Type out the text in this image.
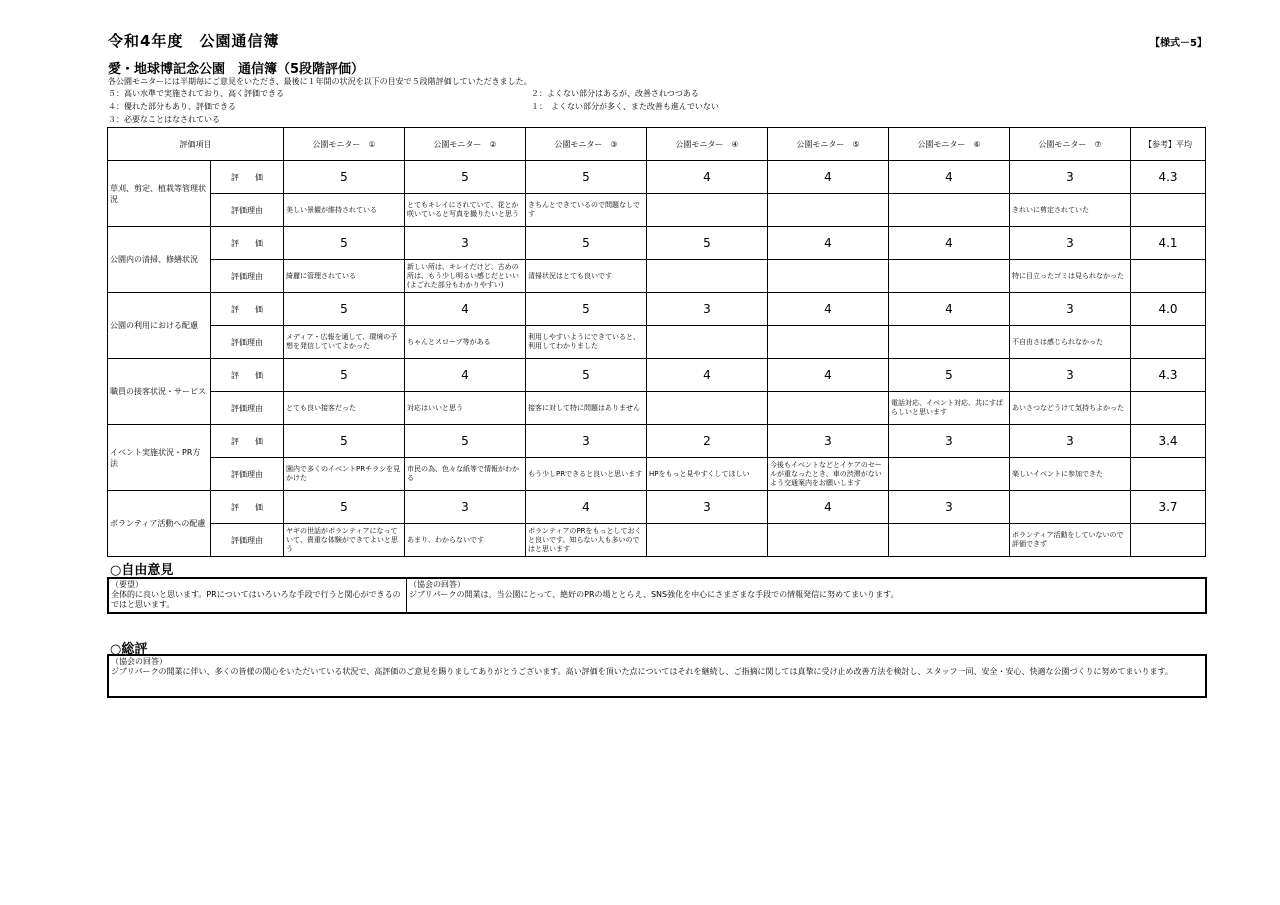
令和4年度　公園通信簿	【様式－5】
愛・地球博記念公園　通信簿（5段階評価）
各公園モニターには半期毎にご意見をいただき、最後に１年間の状況を以下の目安で５段階評価していただきました。
５：高い水準で実施されており、高く評価できる	２：よくない部分はあるが、改善されつつある
４：優れた部分もあり、評価できる	１：　よくない部分が多く、また改善も進んでいない
３：必要なことはなされている
評価項目		公園モニター　①	公園モニター　②	公園モニター　③	公園モニター　④	公園モニター　⑤	公園モニター　⑥	公園モニター　⑦	【参考】平均
草刈、剪定、植栽等管理状況	評　　価	5	5	5	4	4	4	3	4.3
	評価理由	美しい景観が維持されている	とてもキレイにされていて、花とか咲いていると写真を撮りたいと思う	きちんとできているので問題なしです				きれいに剪定されていた	
公園内の清掃、修繕状況	評　　価	5	3	5	5	4	4	3	4.1
	評価理由	綺麗に管理されている	新しい所は、キレイだけど、古めの所は、もう少し明るい感じだといい(よごれた部分もわかりやすい)	清掃状況はとても良いです				特に目立ったゴミは見られなかった	
公園の利用における配慮	評　　価	5	4	5	3	4	4	3	4.0
	評価理由	メディア・広報を通して、環境の予想を発信していてよかった	ちゃんとスロープ等がある	利用しやすいようにできていると、利用してわかりました				不自由さは感じられなかった	
職員の接客状況・サービス	評　　価	5	4	5	4	4	5	3	4.3
	評価理由	とても良い接客だった	対応はいいと思う	接客に対して特に問題はありません			電話対応、イベント対応、共にすばらしいと思います	あいさつなどうけて気持ちよかった	
イベント実施状況・PR方法	評　　価	5	5	3	2	3	3	3	3.4
	評価理由	園内で多くのイベントPRチラシを見かけた	市民の為、色々な紙等で情報がわかる	もう少しPRできると良いと思います	HPをもっと見やすくしてほしい	今後もイベントなどとイケアのセールが重なったとき、車の渋滞がないよう交通案内をお願いします		楽しいイベントに参加できた	
ボランティア活動への配慮	評　　価	5	3	4	3	4	3		3.7
	評価理由	ヤギの世話がボランティアになっていて、貴重な体験ができてよいと思う	あまり、わからないです	ボランティアのPRをもっとしておくと良いです。知らない人も多いのではと思います				ボランティア活動をしていないので評価できず	
○自由意見
（要望）
全体的に良いと思います。PRについてはいろいろな手段で行うと関心ができるのではと思います。
（協会の回答）
ジブリパークの開業は、当公園にとって、絶好のPRの場ととらえ、SNS強化を中心にさまざまな手段での情報発信に努めてまいります。
○総評
（協会の回答）
ジブリパークの開業に伴い、多くの皆様の関心をいただいている状況で、高評価のご意見を賜りましてありがとうございます。高い評価を頂いた点についてはそれを継続し、ご指摘に関しては真摯に受け止め改善方法を検討し、スタッフ一同、安全・安心、快適な公園づくりに努めてまいります。
